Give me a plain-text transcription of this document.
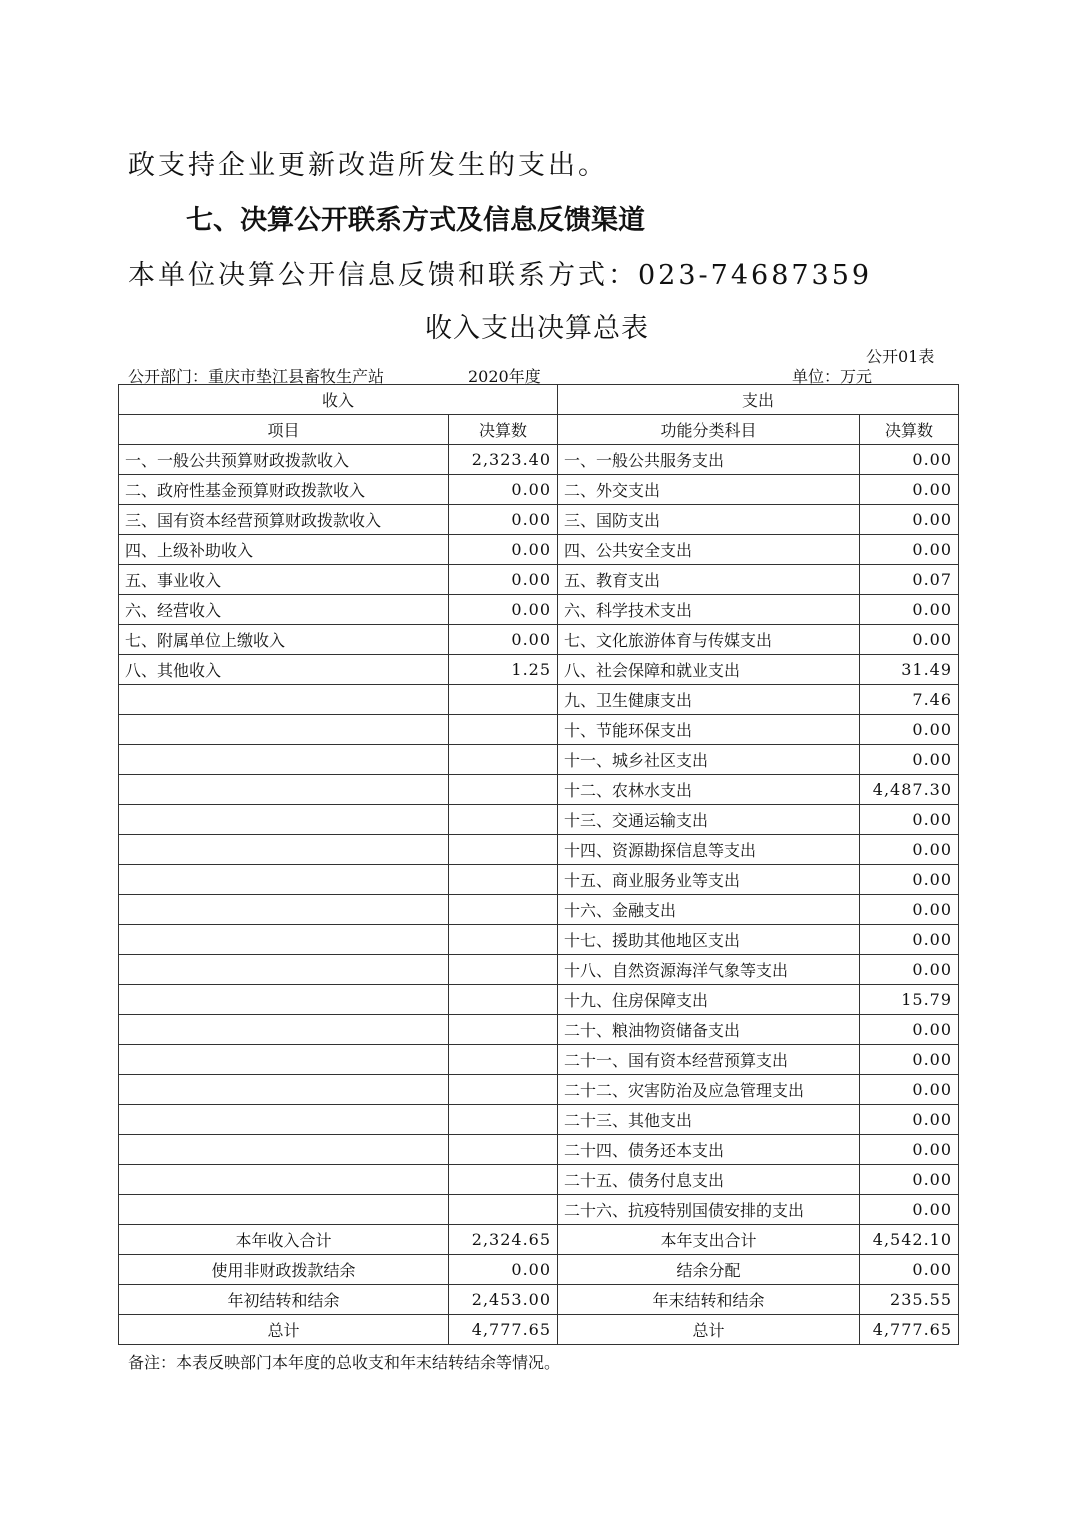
政支持企业更新改造所发生的支出。
七、决算公开联系方式及信息反馈渠道
本单位决算公开信息反馈和联系方式：023-74687359
收入支出决算总表
公开01表
公开部门：重庆市垫江县畜牧生产站	2020年度	单位：万元
收入		支出	
项目	决算数	功能分类科目	决算数
一、一般公共预算财政拨款收入	2,323.40	一、一般公共服务支出	0.00
二、政府性基金预算财政拨款收入	0.00	二、外交支出	0.00
三、国有资本经营预算财政拨款收入	0.00	三、国防支出	0.00
四、上级补助收入	0.00	四、公共安全支出	0.00
五、事业收入	0.00	五、教育支出	0.07
六、经营收入	0.00	六、科学技术支出	0.00
七、附属单位上缴收入	0.00	七、文化旅游体育与传媒支出	0.00
八、其他收入	1.25	八、社会保障和就业支出	31.49
		九、卫生健康支出	7.46
		十、节能环保支出	0.00
		十一、城乡社区支出	0.00
		十二、农林水支出	4,487.30
		十三、交通运输支出	0.00
		十四、资源勘探信息等支出	0.00
		十五、商业服务业等支出	0.00
		十六、金融支出	0.00
		十七、援助其他地区支出	0.00
		十八、自然资源海洋气象等支出	0.00
		十九、住房保障支出	15.79
		二十、粮油物资储备支出	0.00
		二十一、国有资本经营预算支出	0.00
		二十二、灾害防治及应急管理支出	0.00
		二十三、其他支出	0.00
		二十四、债务还本支出	0.00
		二十五、债务付息支出	0.00
		二十六、抗疫特别国债安排的支出	0.00
本年收入合计	2,324.65	本年支出合计	4,542.10
使用非财政拨款结余	0.00	结余分配	0.00
年初结转和结余	2,453.00	年末结转和结余	235.55
总计	4,777.65	总计	4,777.65
备注：本表反映部门本年度的总收支和年末结转结余等情况。
